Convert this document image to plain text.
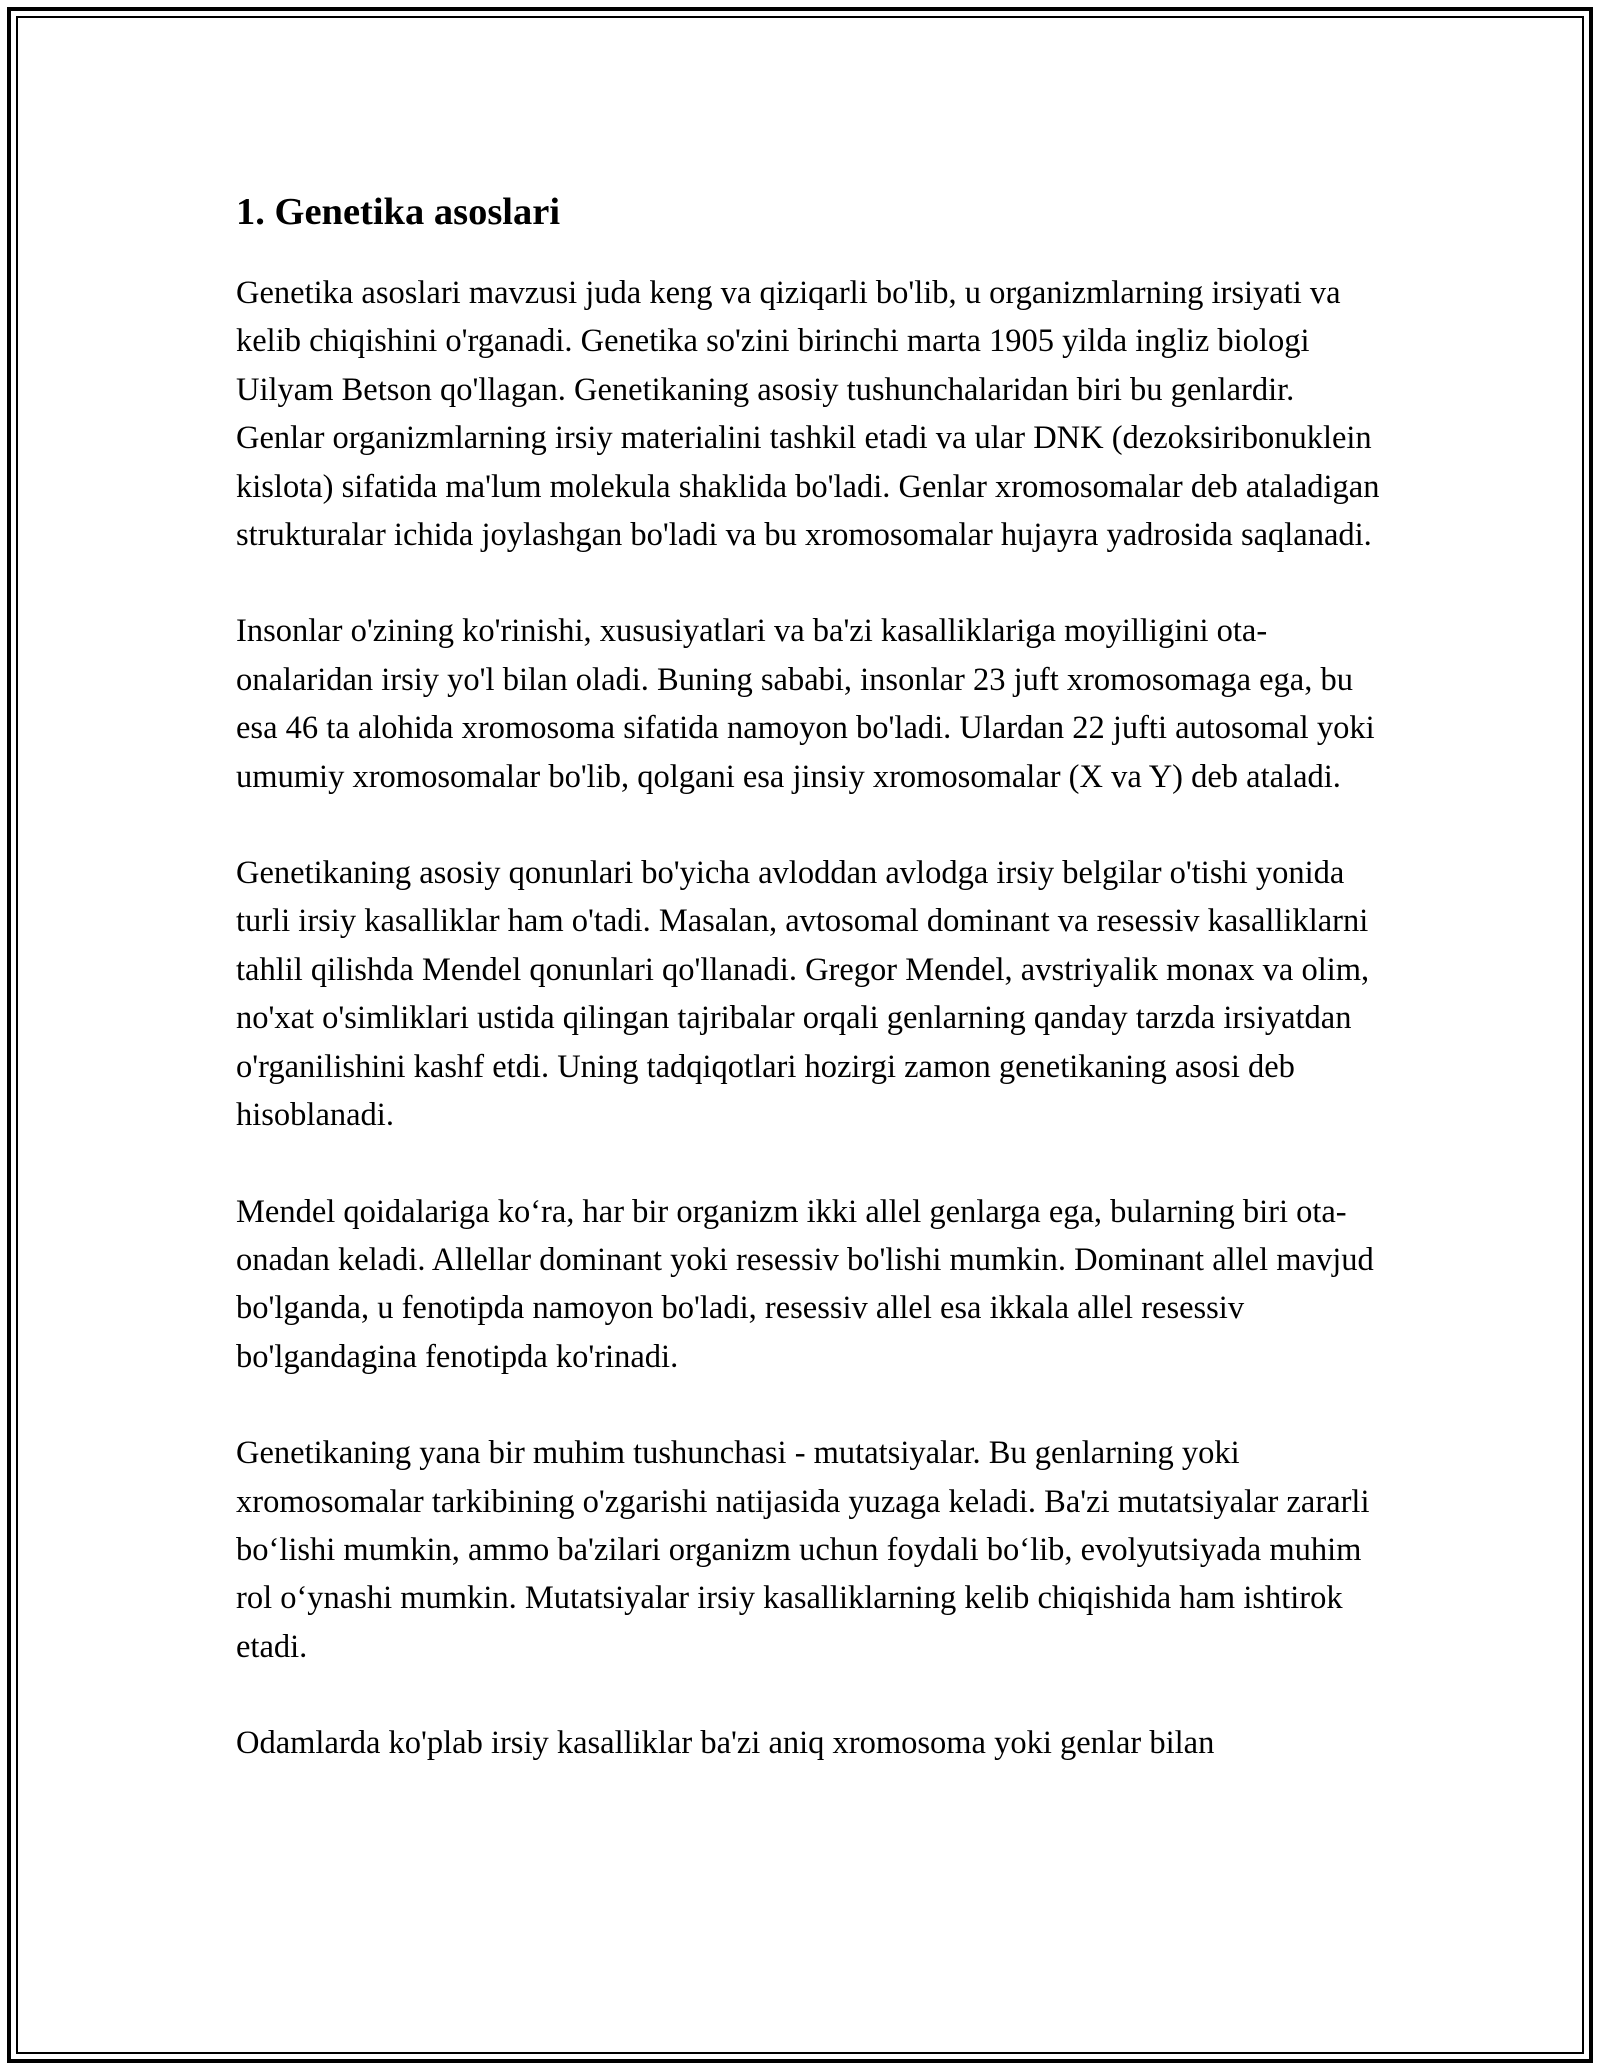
1. Genetika asoslari

Genetika asoslari mavzusi juda keng va qiziqarli bo'lib, u organizmlarning irsiyati va kelib chiqishini o'rganadi. Genetika so'zini birinchi marta 1905 yilda ingliz biologi Uilyam Betson qo'llagan. Genetikaning asosiy tushunchalaridan biri bu genlardir. Genlar organizmlarning irsiy materialini tashkil etadi va ular DNK (dezoksiribonuklein kislota) sifatida ma'lum molekula shaklida bo'ladi. Genlar xromosomalar deb ataladigan strukturalar ichida joylashgan bo'ladi va bu xromosomalar hujayra yadrosida saqlanadi.

Insonlar o'zining ko'rinishi, xususiyatlari va ba'zi kasalliklariga moyilligini ota-onalaridan irsiy yo'l bilan oladi. Buning sababi, insonlar 23 juft xromosomaga ega, bu esa 46 ta alohida xromosoma sifatida namoyon bo'ladi. Ulardan 22 jufti autosomal yoki umumiy xromosomalar bo'lib, qolgani esa jinsiy xromosomalar (X va Y) deb ataladi.

Genetikaning asosiy qonunlari bo'yicha avloddan avlodga irsiy belgilar o'tishi yonida turli irsiy kasalliklar ham o'tadi. Masalan, avtosomal dominant va resessiv kasalliklarni tahlil qilishda Mendel qonunlari qo'llanadi. Gregor Mendel, avstriyalik monax va olim, no'xat o'simliklari ustida qilingan tajribalar orqali genlarning qanday tarzda irsiyatdan o'rganilishini kashf etdi. Uning tadqiqotlari hozirgi zamon genetikaning asosi deb hisoblanadi.

Mendel qoidalariga ko‘ra, har bir organizm ikki allel genlarga ega, bularning biri ota-onadan keladi. Allellar dominant yoki resessiv bo'lishi mumkin. Dominant allel mavjud bo'lganda, u fenotipda namoyon bo'ladi, resessiv allel esa ikkala allel resessiv bo'lgandagina fenotipda ko'rinadi.

Genetikaning yana bir muhim tushunchasi - mutatsiyalar. Bu genlarning yoki xromosomalar tarkibining o'zgarishi natijasida yuzaga keladi. Ba'zi mutatsiyalar zararli bo‘lishi mumkin, ammo ba'zilari organizm uchun foydali bo‘lib, evolyutsiyada muhim rol o‘ynashi mumkin. Mutatsiyalar irsiy kasalliklarning kelib chiqishida ham ishtirok etadi.

Odamlarda ko'plab irsiy kasalliklar ba'zi aniq xromosoma yoki genlar bilan
